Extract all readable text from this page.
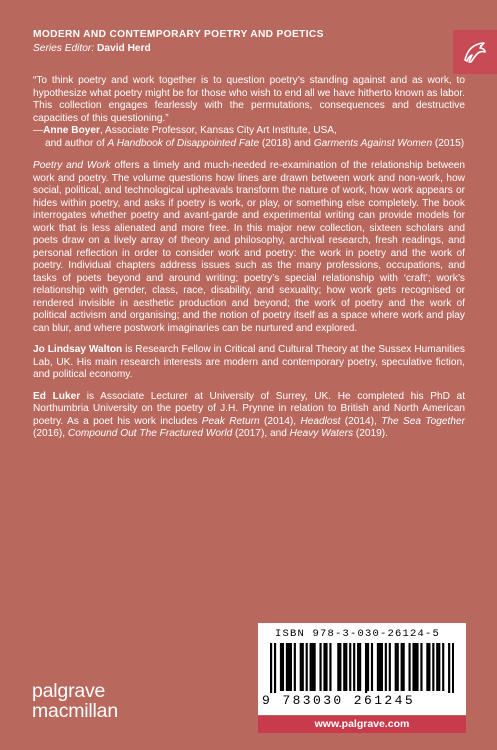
MODERN AND CONTEMPORARY POETRY AND POETICS
Series Editor: David Herd

“To think poetry and work together is to question poetry’s standing against and as work, to hypothesize what poetry might be for those who wish to end all we have hitherto known as labor. This collection engages fearlessly with the permutations, consequences and destructive capacities of this questioning.”
—Anne Boyer, Associate Professor, Kansas City Art Institute, USA,
and author of A Handbook of Disappointed Fate (2018) and Garments Against Women (2015)

Poetry and Work offers a timely and much-needed re-examination of the relationship between work and poetry. The volume questions how lines are drawn between work and non-work, how social, political, and technological upheavals transform the nature of work, how work appears or hides within poetry, and asks if poetry is work, or play, or something else completely. The book interrogates whether poetry and avant-garde and experimental writing can provide models for work that is less alienated and more free. In this major new collection, sixteen scholars and poets draw on a lively array of theory and philosophy, archival research, fresh readings, and personal reflection in order to consider work and poetry: the work in poetry and the work of poetry. Individual chapters address issues such as the many professions, occupations, and tasks of poets beyond and around writing; poetry’s special relationship with ‘craft’; work’s relationship with gender, class, race, disability, and sexuality; how work gets recognised or rendered invisible in aesthetic production and beyond; the work of poetry and the work of political activism and organising; and the notion of poetry itself as a space where work and play can blur, and where postwork imaginaries can be nurtured and explored.

Jo Lindsay Walton is Research Fellow in Critical and Cultural Theory at the Sussex Humanities Lab, UK. His main research interests are modern and contemporary poetry, speculative fiction, and political economy.

Ed Luker is Associate Lecturer at University of Surrey, UK. He completed his PhD at Northumbria University on the poetry of J.H. Prynne in relation to British and North American poetry. As a poet his work includes Peak Return (2014), Headlost (2014), The Sea Together (2016), Compound Out The Fractured World (2017), and Heavy Waters (2019).

ISBN 978-3-030-26124-5
9 783030 261245
www.palgrave.com
palgrave
macmillan
